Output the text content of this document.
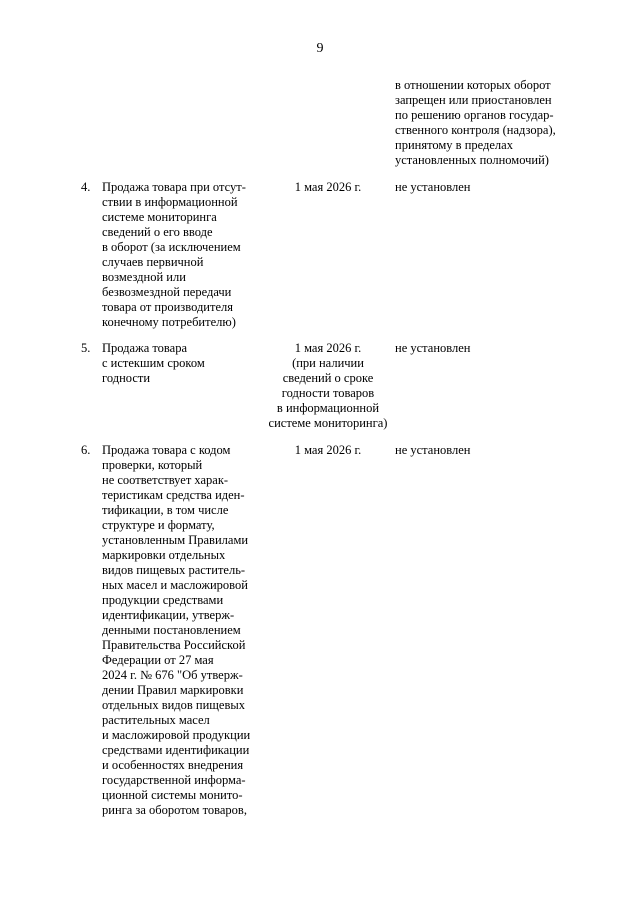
9
в отношении которых оборот
запрещен или приостановлен
по решению органов государ-
ственного контроля (надзора),
принятому в пределах
установленных полномочий)
4. Продажа товара при отсут-
ствии в информационной
системе мониторинга
сведений о его вводе
в оборот (за исключением
случаев первичной
возмездной или
безвозмездной передачи
товара от производителя
конечному потребителю)
1 мая 2026 г.	не установлен
5. Продажа товара
с истекшим сроком
годности
1 мая 2026 г.
(при наличии
сведений о сроке
годности товаров
в информационной
системе мониторинга)
не установлен
6. Продажа товара с кодом
проверки, который
не соответствует харак-
теристикам средства иден-
тификации, в том числе
структуре и формату,
установленным Правилами
маркировки отдельных
видов пищевых раститель-
ных масел и масложировой
продукции средствами
идентификации, утверж-
денными постановлением
Правительства Российской
Федерации от 27 мая
2024 г. № 676 "Об утверж-
дении Правил маркировки
отдельных видов пищевых
растительных масел
и масложировой продукции
средствами идентификации
и особенностях внедрения
государственной информа-
ционной системы монито-
ринга за оборотом товаров,
1 мая 2026 г.	не установлен
